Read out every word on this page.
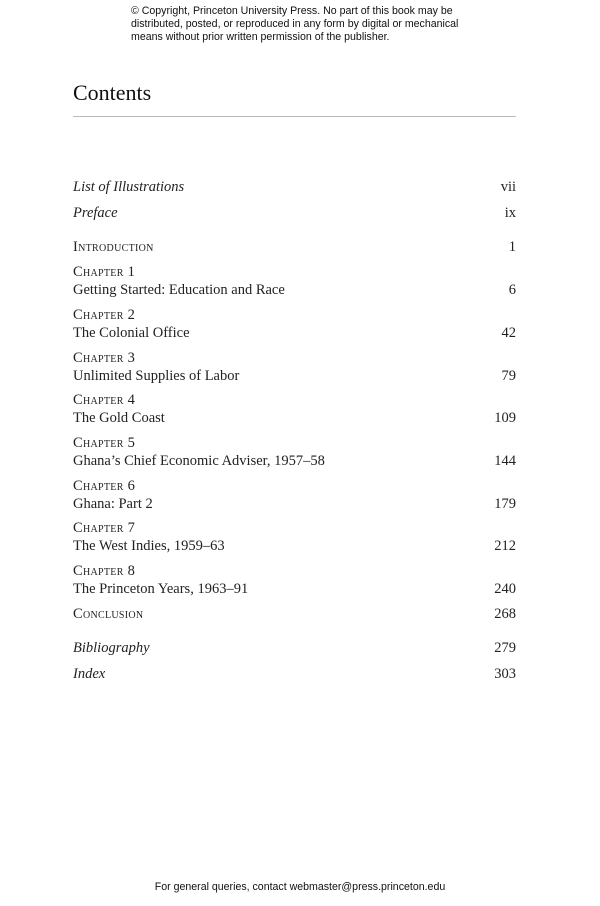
© Copyright, Princeton University Press. No part of this book may be
distributed, posted, or reproduced in any form by digital or mechanical
means without prior written permission of the publisher.
Contents
List of Illustrations	vii
Preface	ix
Introduction	1
Chapter 1
Getting Started: Education and Race	6
Chapter 2
The Colonial Office	42
Chapter 3
Unlimited Supplies of Labor	79
Chapter 4
The Gold Coast	109
Chapter 5
Ghana’s Chief Economic Adviser, 1957–58	144
Chapter 6
Ghana: Part 2	179
Chapter 7
The West Indies, 1959–63	212
Chapter 8
The Princeton Years, 1963–91	240
Conclusion	268
Bibliography	279
Index	303
For general queries, contact webmaster@press.princeton.edu
